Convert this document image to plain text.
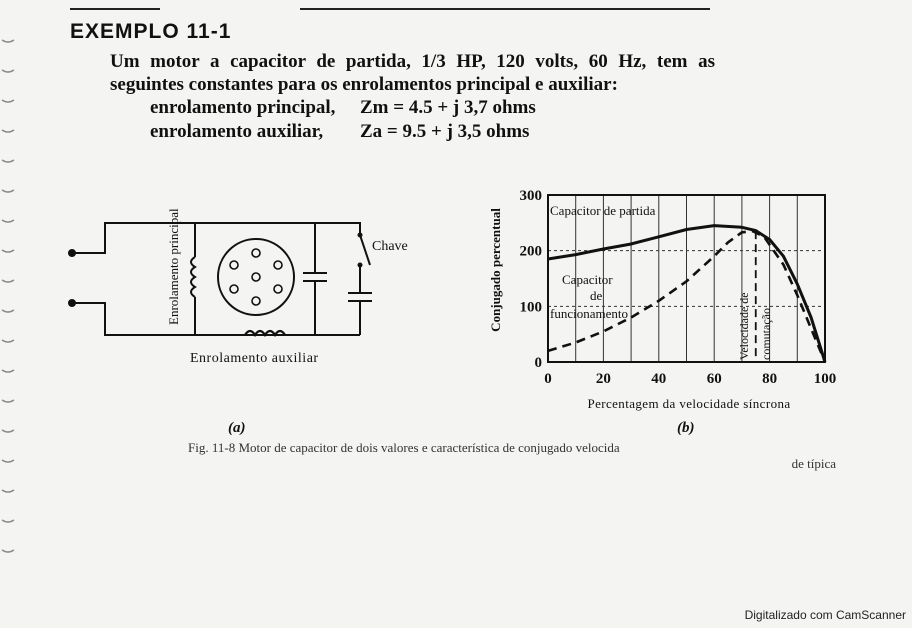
EXEMPLO 11-1
Um motor a capacitor de partida, 1/3 HP, 120 volts, 60 Hz, tem as seguintes constantes para os enrolamentos principal e auxiliar:
enrolamento principal, Zm = 4.5 + j 3,7 ohms
enrolamento auxiliar, Za = 9.5 + j 3,5 ohms
Chave
Enrolamento auxiliar
Enrolamento principal
0	20	40	60	80 100
0
100
200
300
Conjugado percentual
Percentagem da velocidade síncrona
Capacitor de partida
Capacitor de funcionamento	Velocidade de comutação
(a)	(b)
Fig. 11-8 Motor de capacitor de dois valores e característica de conjugado velocida
de típica
Digitalizado com CamScanner
